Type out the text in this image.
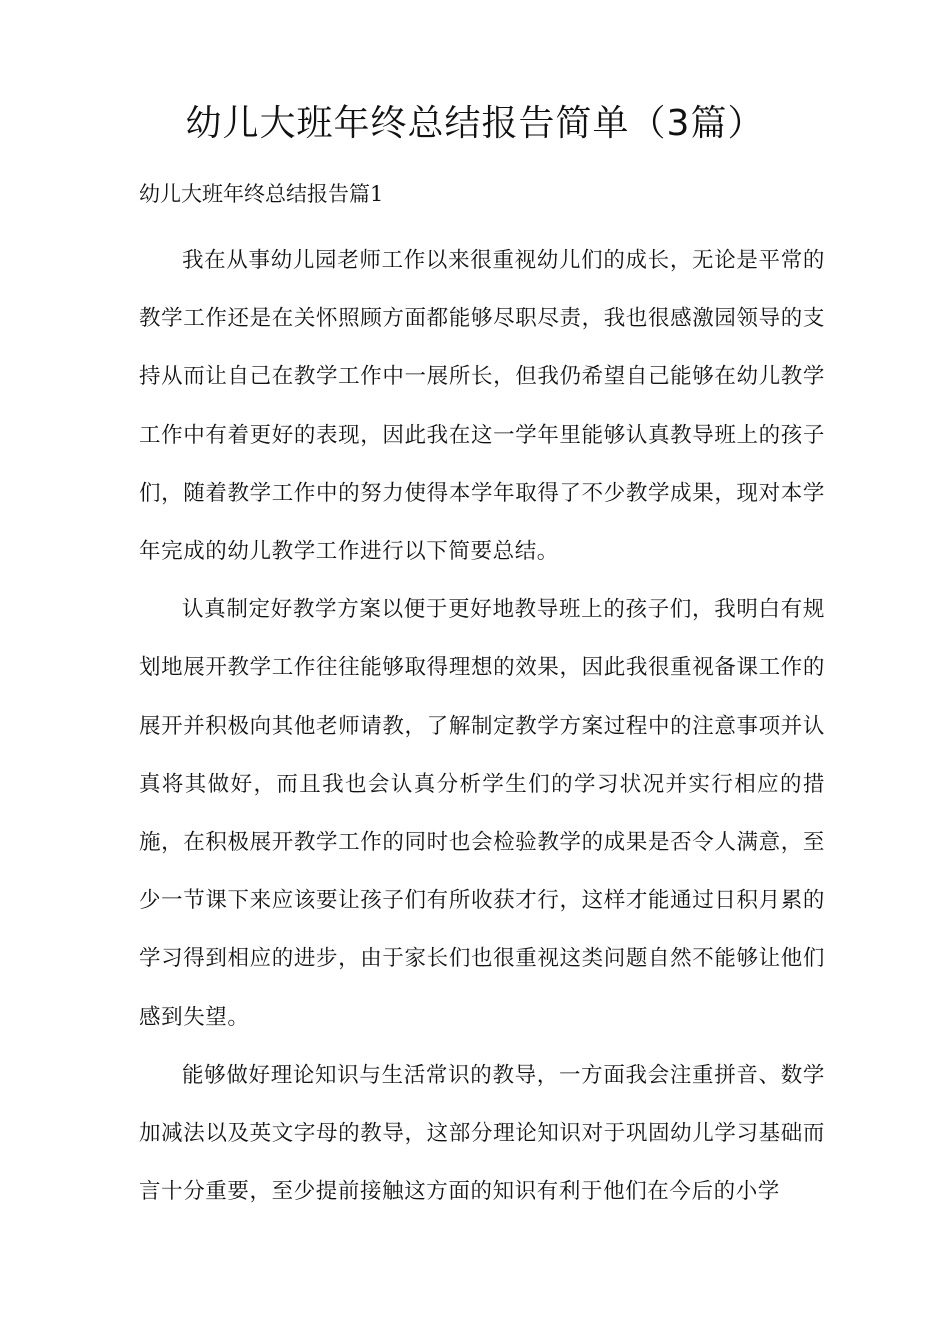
幼儿大班年终总结报告简单（3篇）

幼儿大班年终总结报告篇1

我在从事幼儿园老师工作以来很重视幼儿们的成长，无论是平常的教学工作还是在关怀照顾方面都能够尽职尽责，我也很感激园领导的支持从而让自己在教学工作中一展所长，但我仍希望自己能够在幼儿教学工作中有着更好的表现，因此我在这一学年里能够认真教导班上的孩子们，随着教学工作中的努力使得本学年取得了不少教学成果，现对本学年完成的幼儿教学工作进行以下简要总结。

认真制定好教学方案以便于更好地教导班上的孩子们，我明白有规划地展开教学工作往往能够取得理想的效果，因此我很重视备课工作的展开并积极向其他老师请教，了解制定教学方案过程中的注意事项并认真将其做好，而且我也会认真分析学生们的学习状况并实行相应的措施，在积极展开教学工作的同时也会检验教学的成果是否令人满意，至少一节课下来应该要让孩子们有所收获才行，这样才能通过日积月累的学习得到相应的进步，由于家长们也很重视这类问题自然不能够让他们感到失望。

能够做好理论知识与生活常识的教导，一方面我会注重拼音、数学加减法以及英文字母的教导，这部分理论知识对于巩固幼儿学习基础而言十分重要，至少提前接触这方面的知识有利于他们在今后的小学
